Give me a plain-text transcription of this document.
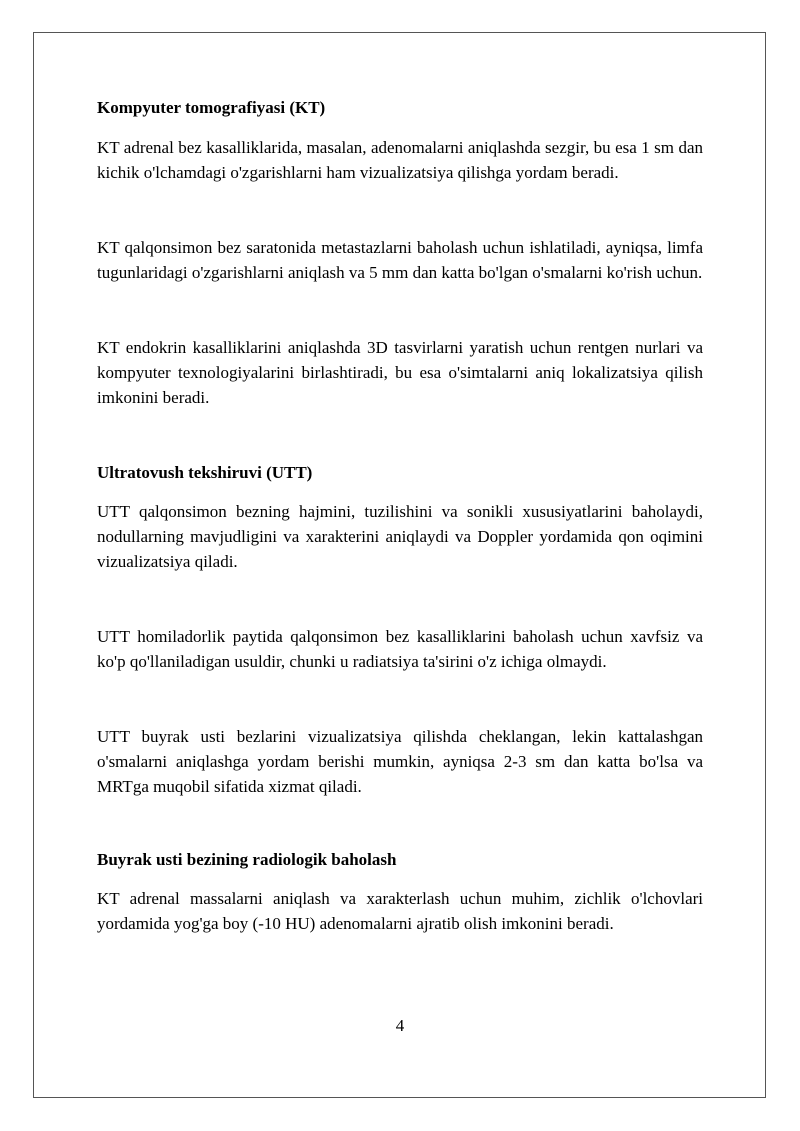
Kompyuter tomografiyasi (KT)

KT adrenal bez kasalliklarida, masalan, adenomalarni aniqlashda sezgir, bu esa 1 sm dan kichik o'lchamdagi o'zgarishlarni ham vizualizatsiya qilishga yordam beradi.

KT qalqonsimon bez saratonida metastazlarni baholash uchun ishlatiladi, ayniqsa, limfa tugunlaridagi o'zgarishlarni aniqlash va 5 mm dan katta bo'lgan o'smalarni ko'rish uchun.

KT endokrin kasalliklarini aniqlashda 3D tasvirlarni yaratish uchun rentgen nurlari va kompyuter texnologiyalarini birlashtiradi, bu esa o'simtalarni aniq lokalizatsiya qilish imkonini beradi.

Ultratovush tekshiruvi (UTT)

UTT qalqonsimon bezning hajmini, tuzilishini va sonikli xususiyatlarini baholaydi, nodullarning mavjudligini va xarakterini aniqlaydi va Doppler yordamida qon oqimini vizualizatsiya qiladi.

UTT homiladorlik paytida qalqonsimon bez kasalliklarini baholash uchun xavfsiz va ko'p qo'llaniladigan usuldir, chunki u radiatsiya ta'sirini o'z ichiga olmaydi.

UTT buyrak usti bezlarini vizualizatsiya qilishda cheklangan, lekin kattalashgan o'smalarni aniqlashga yordam berishi mumkin, ayniqsa 2-3 sm dan katta bo'lsa va MRTga muqobil sifatida xizmat qiladi.

Buyrak usti bezining radiologik baholash

KT adrenal massalarni aniqlash va xarakterlash uchun muhim, zichlik o'lchovlari yordamida yog'ga boy (-10 HU) adenomalarni ajratib olish imkonini beradi.

4
